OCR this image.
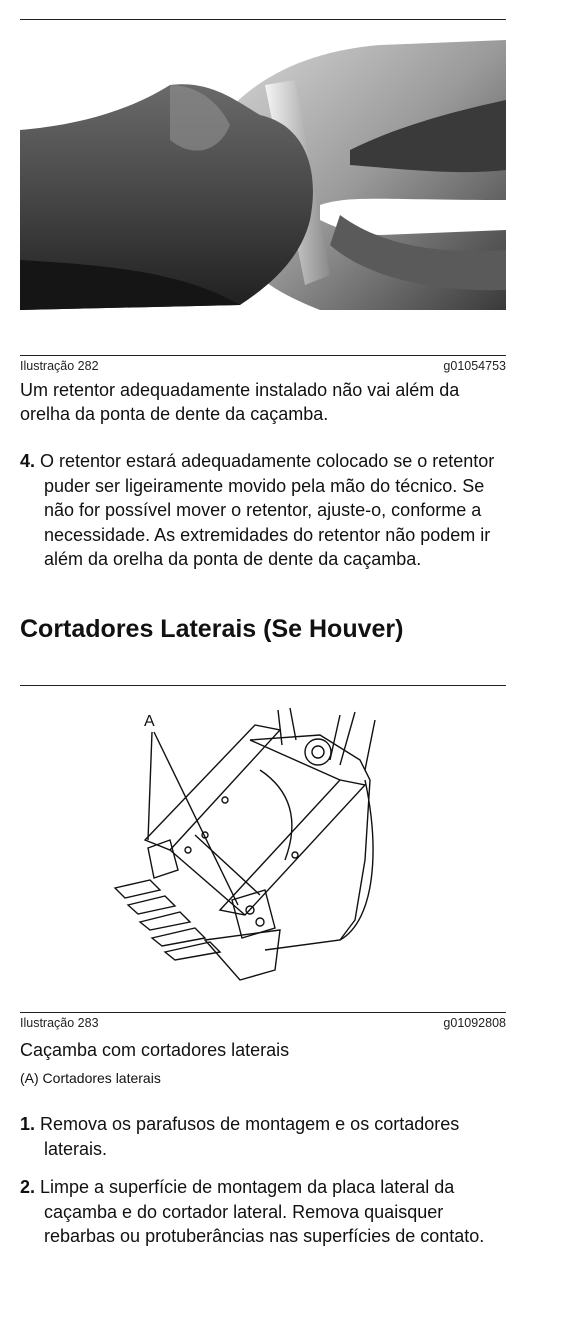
Ilustração 282	g01054753
Um retentor adequadamente instalado não vai além da orelha da ponta de dente da caçamba.
4. O retentor estará adequadamente colocado se o retentor puder ser ligeiramente movido pela mão do técnico. Se não for possível mover o retentor, ajuste-o, conforme a necessidade. As extremidades do retentor não podem ir além da orelha da ponta de dente da caçamba.
Cortadores Laterais (Se Houver)
A
Ilustração 283	g01092808
Caçamba com cortadores laterais
(A) Cortadores laterais
1. Remova os parafusos de montagem e os cortadores laterais.
2. Limpe a superfície de montagem da placa lateral da caçamba e do cortador lateral. Remova quaisquer rebarbas ou protuberâncias nas superfícies de contato.
